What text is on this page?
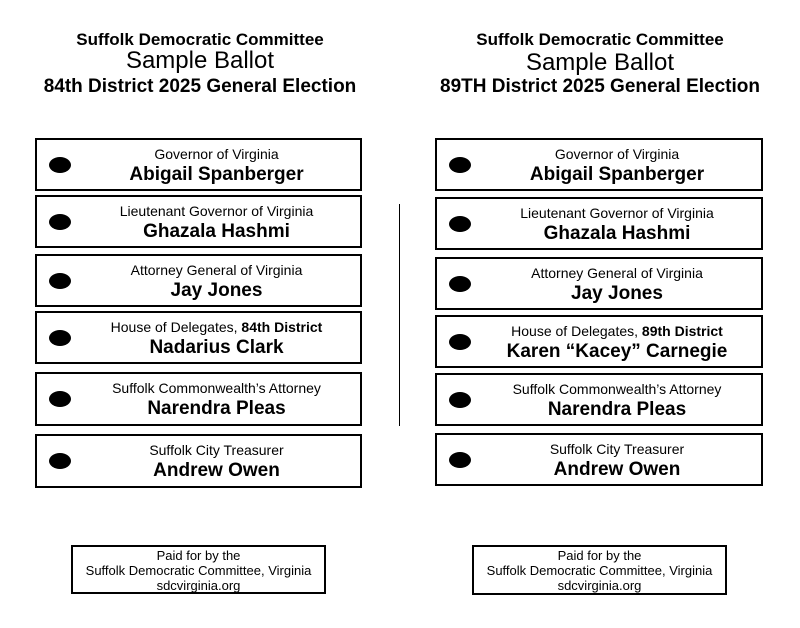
Suffolk Democratic Committee
Sample Ballot
84th District 2025 General Election
Governor of Virginia
Abigail Spanberger
Lieutenant Governor of Virginia
Ghazala Hashmi
Attorney General of Virginia
Jay Jones
House of Delegates, 84th District
Nadarius Clark
Suffolk Commonwealth’s Attorney
Narendra Pleas
Suffolk City Treasurer
Andrew Owen
Paid for by the
Suffolk Democratic Committee, Virginia
sdcvirginia.org
Suffolk Democratic Committee
Sample Ballot
89TH District 2025 General Election
Governor of Virginia
Abigail Spanberger
Lieutenant Governor of Virginia
Ghazala Hashmi
Attorney General of Virginia
Jay Jones
House of Delegates, 89th District
Karen “Kacey” Carnegie
Suffolk Commonwealth’s Attorney
Narendra Pleas
Suffolk City Treasurer
Andrew Owen
Paid for by the
Suffolk Democratic Committee, Virginia
sdcvirginia.org
